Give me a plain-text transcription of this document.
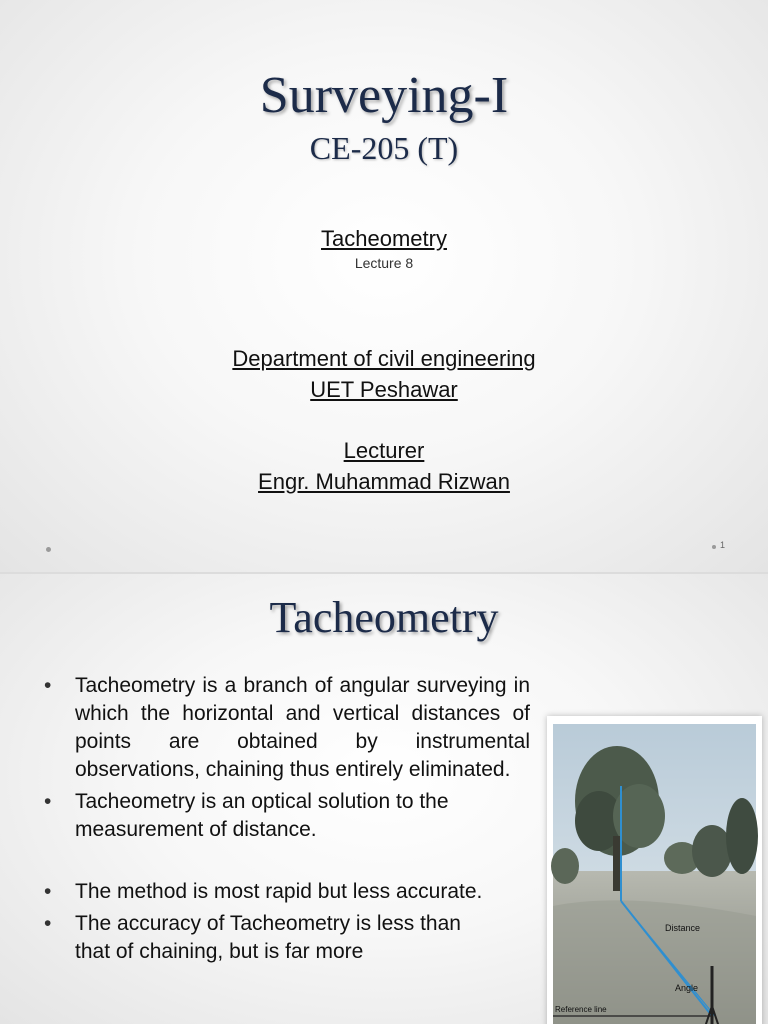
Surveying-I
CE-205 (T)
Tacheometry
Lecture 8
Department of civil engineering
UET Peshawar
Lecturer
Engr. Muhammad Rizwan
1
Tacheometry
• Tacheometry is a branch of angular surveying in which the horizontal and vertical distances of points are obtained by instrumental observations, chaining thus entirely eliminated.
• Tacheometry is an optical solution to the measurement of distance.
• The method is most rapid but less accurate.
• The accuracy of Tacheometry is less than that of chaining, but is far more
Distance
Angle
Reference line
